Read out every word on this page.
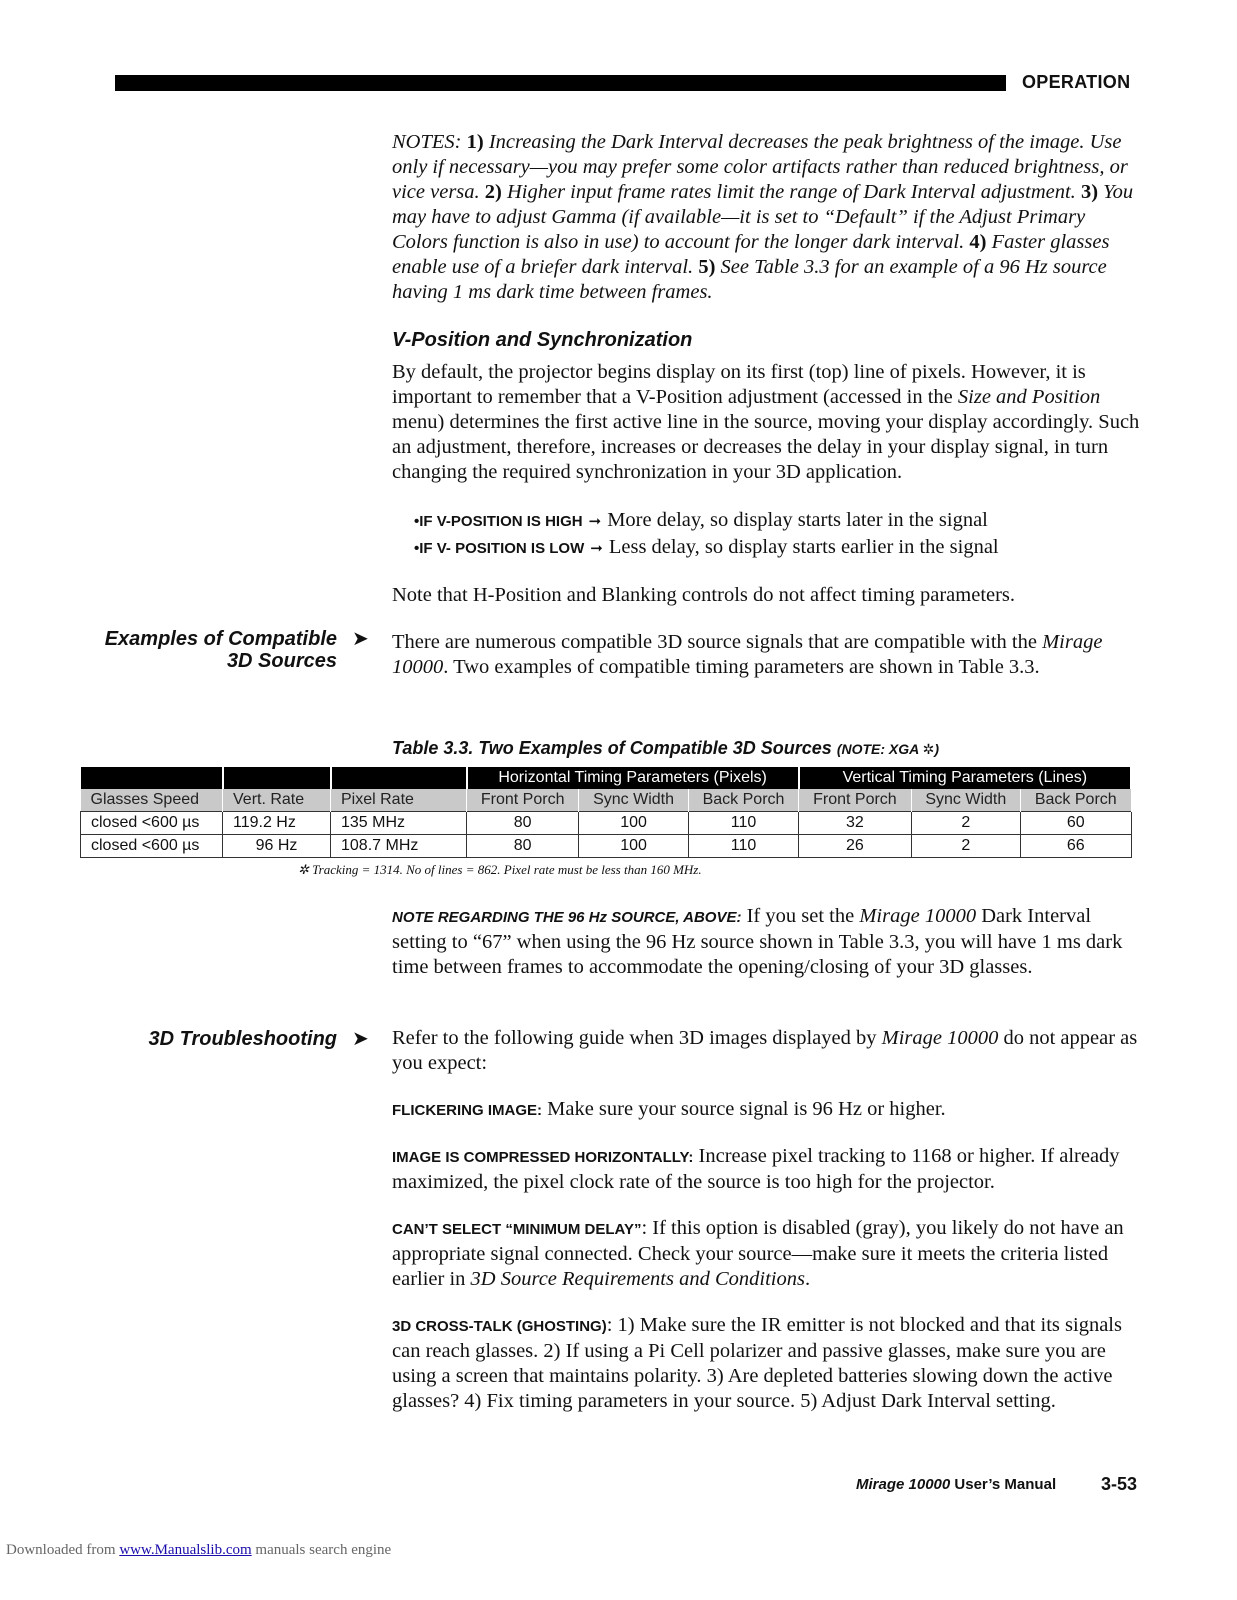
OPERATION

NOTES: 1) Increasing the Dark Interval decreases the peak brightness of the image. Use only if necessary—you may prefer some color artifacts rather than reduced brightness, or vice versa. 2) Higher input frame rates limit the range of Dark Interval adjustment. 3) You may have to adjust Gamma (if available—it is set to “Default” if the Adjust Primary Colors function is also in use) to account for the longer dark interval. 4) Faster glasses enable use of a briefer dark interval. 5) See Table 3.3 for an example of a 96 Hz source having 1 ms dark time between frames.

V-Position and Synchronization
By default, the projector begins display on its first (top) line of pixels. However, it is important to remember that a V-Position adjustment (accessed in the Size and Position menu) determines the first active line in the source, moving your display accordingly. Such an adjustment, therefore, increases or decreases the delay in your display signal, in turn changing the required synchronization in your 3D application.
•IF V-POSITION IS HIGH ➞ More delay, so display starts later in the signal
•IF V- POSITION IS LOW ➞ Less delay, so display starts earlier in the signal
Note that H-Position and Blanking controls do not affect timing parameters.
Examples of Compatible
3D Sources
➤ There are numerous compatible 3D source signals that are compatible with the Mirage 10000. Two examples of compatible timing parameters are shown in Table 3.3.
Table 3.3. Two Examples of Compatible 3D Sources (NOTE: XGA ✲)
			Horizontal Timing Parameters (Pixels)			Vertical Timing Parameters (Lines)		
Glasses Speed	Vert. Rate	Pixel Rate	Front Porch	Sync Width	Back Porch	Front Porch	Sync Width	Back Porch
closed <600 µs	119.2 Hz	135 MHz	80	100	110	32	2	60
closed <600 µs	96 Hz	108.7 MHz	80	100	110	26	2	66
✲ Tracking = 1314. No of lines = 862. Pixel rate must be less than 160 MHz.
NOTE REGARDING THE 96 Hz SOURCE, ABOVE: If you set the Mirage 10000 Dark Interval setting to “67” when using the 96 Hz source shown in Table 3.3, you will have 1 ms dark time between frames to accommodate the opening/closing of your 3D glasses.
3D Troubleshooting ➤ Refer to the following guide when 3D images displayed by Mirage 10000 do not appear as you expect:
FLICKERING IMAGE: Make sure your source signal is 96 Hz or higher.
IMAGE IS COMPRESSED HORIZONTALLY: Increase pixel tracking to 1168 or higher. If already maximized, the pixel clock rate of the source is too high for the projector.
CAN’T SELECT “MINIMUM DELAY”: If this option is disabled (gray), you likely do not have an appropriate signal connected. Check your source—make sure it meets the criteria listed earlier in 3D Source Requirements and Conditions.
3D CROSS-TALK (GHOSTING): 1) Make sure the IR emitter is not blocked and that its signals can reach glasses. 2) If using a Pi Cell polarizer and passive glasses, make sure you are using a screen that maintains polarity. 3) Are depleted batteries slowing down the active glasses? 4) Fix timing parameters in your source. 5) Adjust Dark Interval setting.
Mirage 10000 User’s Manual 3-53
Downloaded from www.Manualslib.com manuals search engine
